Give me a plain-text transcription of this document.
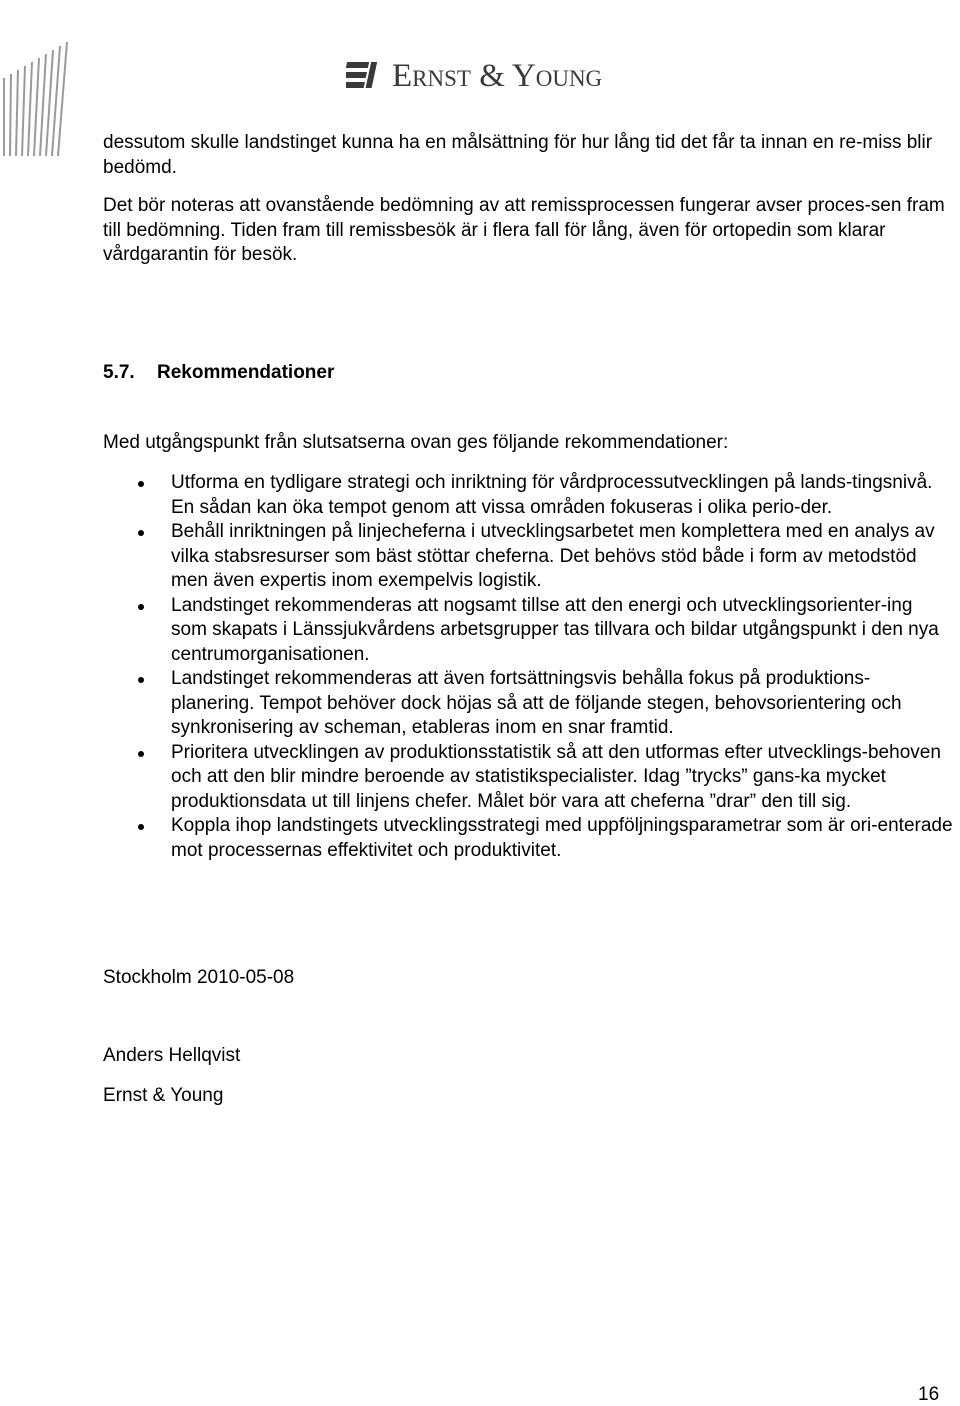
Ernst & Young

dessutom skulle landstinget kunna ha en målsättning för hur lång tid det får ta innan en re-miss blir bedömd.

Det bör noteras att ovanstående bedömning av att remissprocessen fungerar avser proces-sen fram till bedömning. Tiden fram till remissbesök är i flera fall för lång, även för ortopedin som klarar vårdgarantin för besök.

5.7. Rekommendationer

Med utgångspunkt från slutsatserna ovan ges följande rekommendationer:

Utforma en tydligare strategi och inriktning för vårdprocessutvecklingen på lands-tingsnivå. En sådan kan öka tempot genom att vissa områden fokuseras i olika perio-der.
Behåll inriktningen på linjecheferna i utvecklingsarbetet men komplettera med en analys av vilka stabsresurser som bäst stöttar cheferna. Det behövs stöd både i form av metodstöd men även expertis inom exempelvis logistik.
Landstinget rekommenderas att nogsamt tillse att den energi och utvecklingsorienter-ing som skapats i Länssjukvårdens arbetsgrupper tas tillvara och bildar utgångspunkt i den nya centrumorganisationen.
Landstinget rekommenderas att även fortsättningsvis behålla fokus på produktions-planering. Tempot behöver dock höjas så att de följande stegen, behovsorientering och synkronisering av scheman, etableras inom en snar framtid.
Prioritera utvecklingen av produktionsstatistik så att den utformas efter utvecklings-behoven och att den blir mindre beroende av statistikspecialister. Idag ”trycks” gans-ka mycket produktionsdata ut till linjens chefer. Målet bör vara att cheferna ”drar” den till sig.
Koppla ihop landstingets utvecklingsstrategi med uppföljningsparametrar som är ori-enterade mot processernas effektivitet och produktivitet.

Stockholm 2010-05-08

Anders Hellqvist

Ernst & Young

16
